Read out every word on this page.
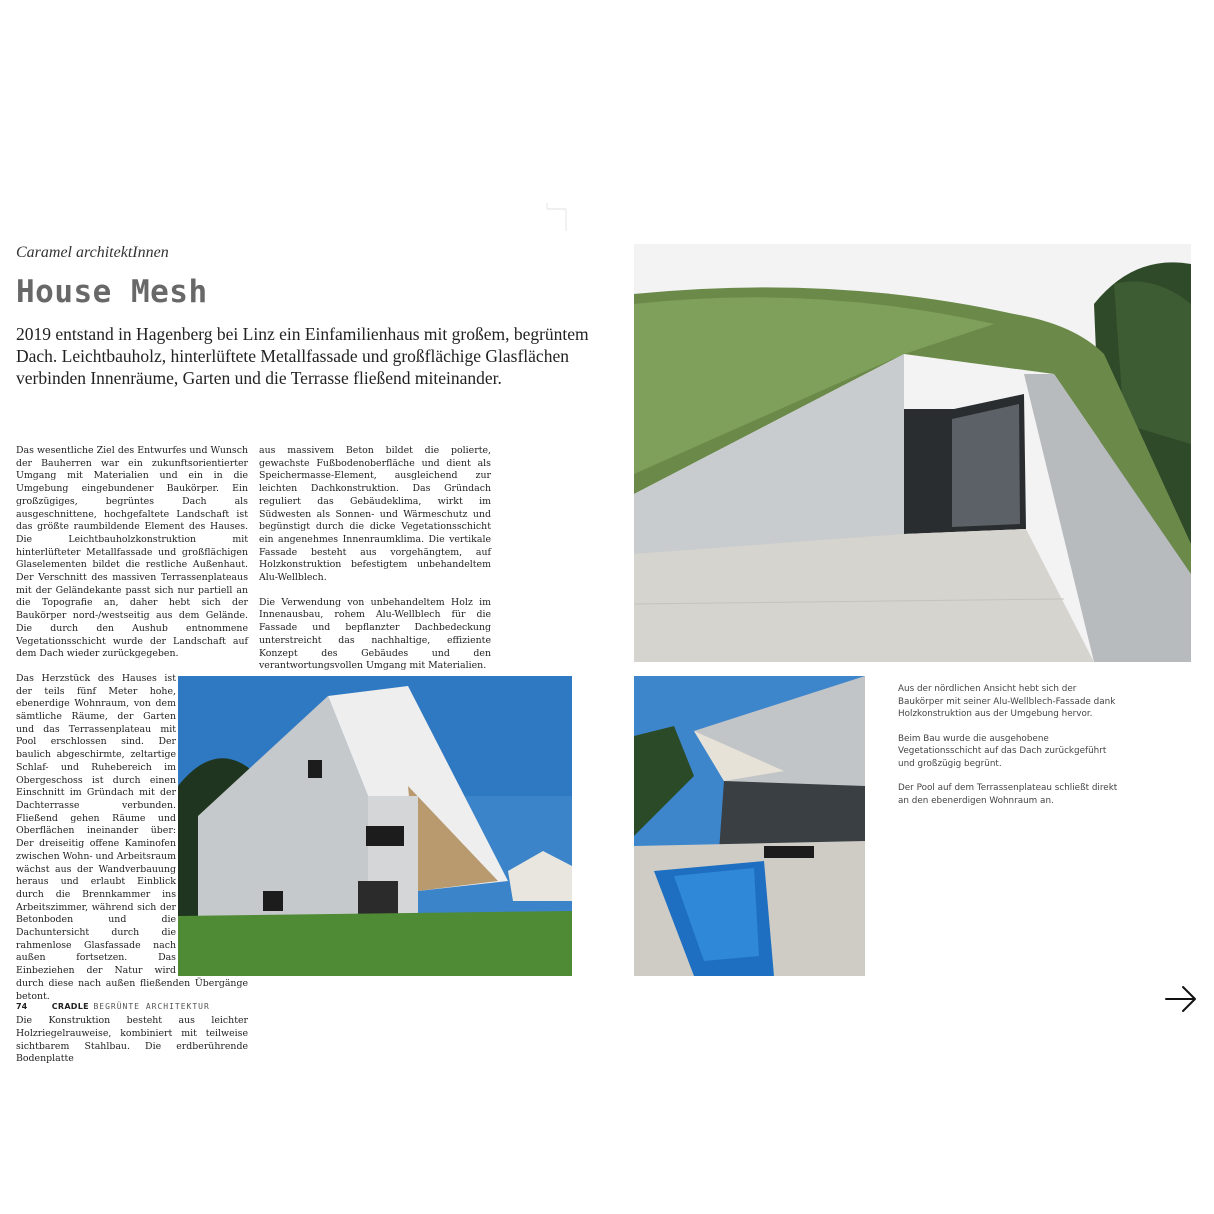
Caramel architektInnen
House Mesh
2019 entstand in Hagenberg bei Linz ein Einfamilienhaus mit großem, begrüntem Dach. Leichtbauholz, hinterlüftete Metallfassade und großflächige Glasflächen verbinden Innenräume, Garten und die Terrasse fließend miteinander.

Das wesentliche Ziel des Entwurfes und Wunsch der Bauherren war ein zukunftsorientierter Umgang mit Materialien und ein in die Umgebung eingebundener Baukörper. Ein großzügiges, begrüntes Dach als ausgeschnittene, hochgefaltete Landschaft ist das größte raumbildende Element des Hauses. Die Leichtbauholzkonstruktion mit hinterlüfteter Metallfassade und großflächigen Glaselementen bildet die restliche Außenhaut. Der Verschnitt des massiven Terrassenplateaus mit der Geländekante passt sich nur partiell an die Topografie an, daher hebt sich der Baukörper nord-/westseitig aus dem Gelände. Die durch den Aushub entnommene Vegetationsschicht wurde der Landschaft auf dem Dach wieder zurückgegeben.

Das Herzstück des Hauses ist der teils fünf Meter hohe, ebenerdige Wohnraum, von dem sämtliche Räume, der Garten und das Terrassenplateau mit Pool erschlossen sind. Der baulich abgeschirmte, zeltartige Schlaf- und Ruhebereich im Obergeschoss ist durch einen Einschnitt im Gründach mit der Dachterrasse verbunden. Fließend gehen Räume und Oberflächen ineinander über: Der dreiseitig offene Kaminofen zwischen Wohn- und Arbeitsraum wächst aus der Wandverbauung heraus und erlaubt Einblick durch die Brennkammer ins Arbeitszimmer, während sich der Betonboden und die Dachuntersicht durch die rahmenlose Glasfassade nach außen fortsetzen. Das Einbeziehen der Natur wird durch diese nach außen fließenden Übergänge betont.

Die Konstruktion besteht aus leichter Holzriegelrauweise, kombiniert mit teilweise sichtbarem Stahlbau. Die erdberührende Bodenplatte

aus massivem Beton bildet die polierte, gewachste Fußbodenoberfläche und dient als Speichermasse-Element, ausgleichend zur leichten Dachkonstruktion. Das Gründach reguliert das Gebäudeklima, wirkt im Südwesten als Sonnen- und Wärmeschutz und begünstigt durch die dicke Vegetationsschicht ein angenehmes Innenraumklima. Die vertikale Fassade besteht aus vorgehängtem, auf Holzkonstruktion befestigtem unbehandeltem Alu-Wellblech.

Die Verwendung von unbehandeltem Holz im Innenausbau, rohem Alu-Wellblech für die Fassade und bepflanzter Dachbedeckung unterstreicht das nachhaltige, effiziente Konzept des Gebäudes und den verantwortungsvollen Umgang mit Materialien.

Aus der nördlichen Ansicht hebt sich der Baukörper mit seiner Alu-Wellblech-Fassade dank Holzkonstruktion aus der Umgebung hervor.

Beim Bau wurde die ausgehobene Vegetationsschicht auf das Dach zurückgeführt und großzügig begrünt.

Der Pool auf dem Terrassenplateau schließt direkt an den ebenerdigen Wohnraum an.

74	CRADLE BEGRÜNTE ARCHITEKTUR
